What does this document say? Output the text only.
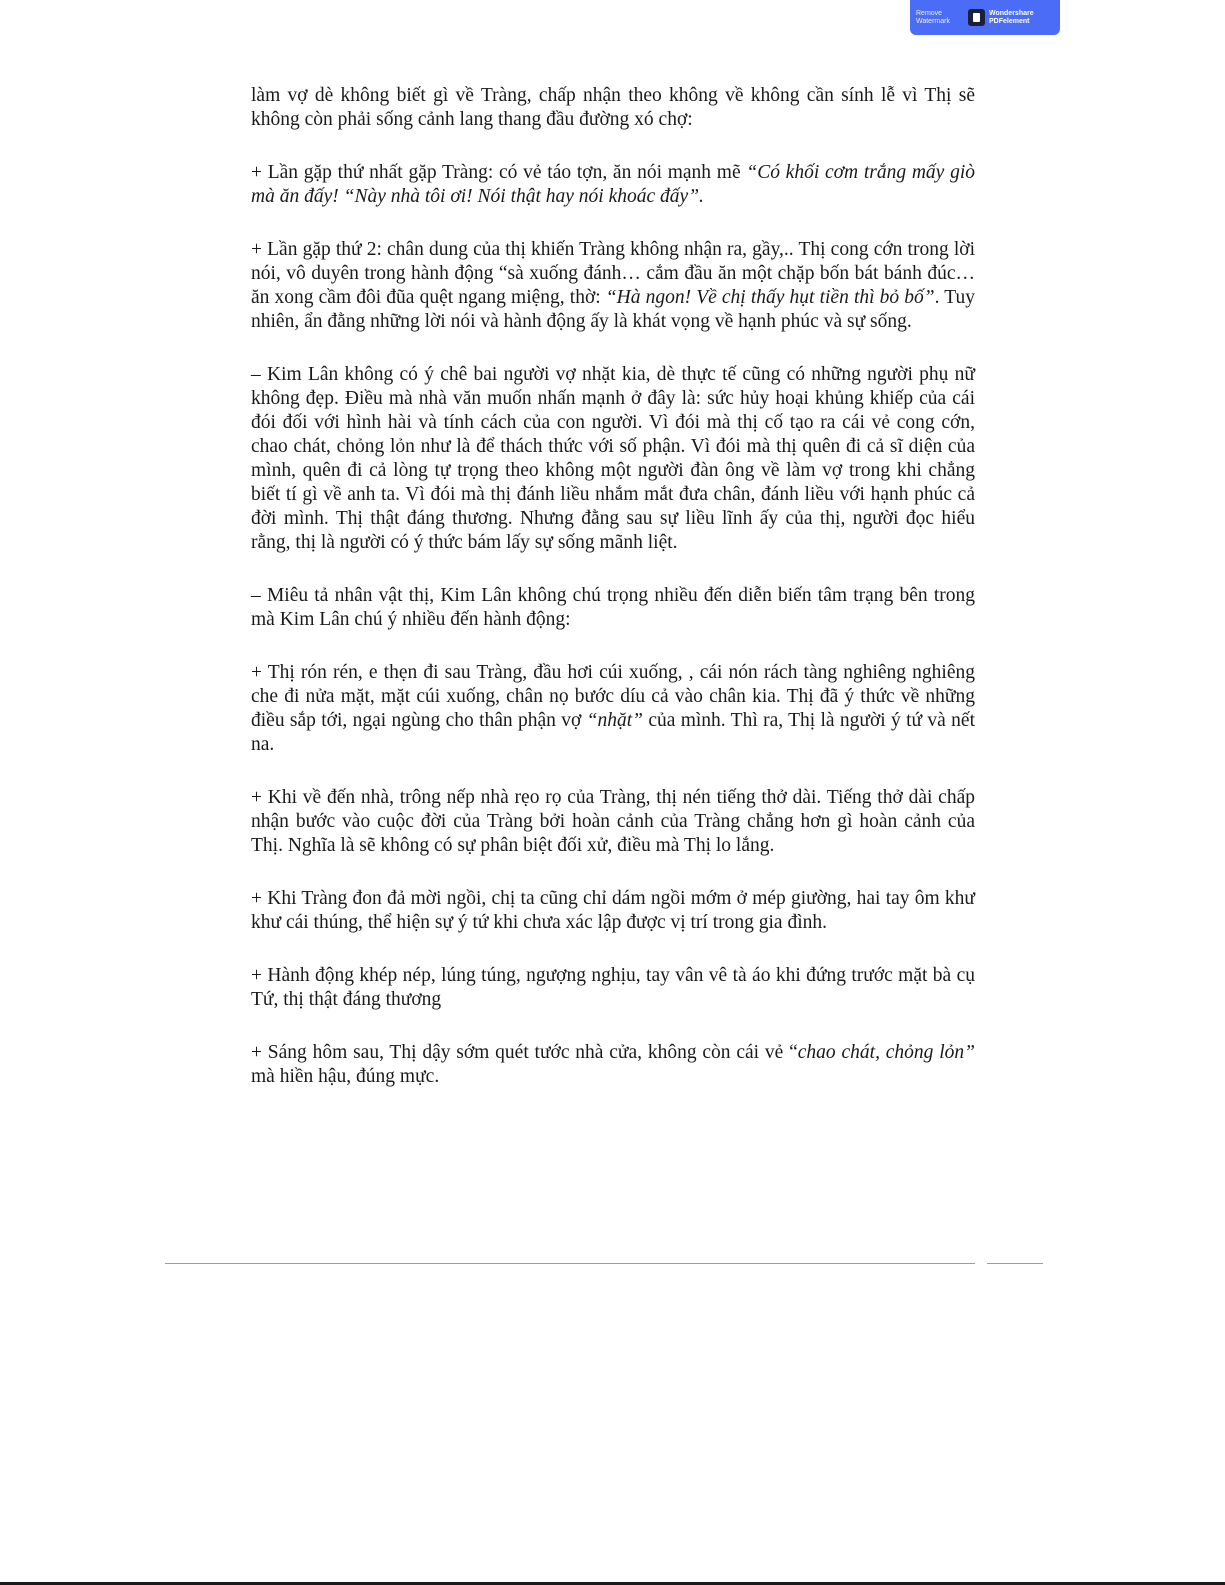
Remove
Watermark
Wondershare
PDFelement

làm vợ dè không biết gì về Tràng, chấp nhận theo không về không cần sính lễ vì Thị sẽ không còn phải sống cảnh lang thang đầu đường xó chợ:

+ Lần gặp thứ nhất gặp Tràng: có vẻ táo tợn, ăn nói mạnh mẽ “Có khối cơm trắng mấy giò mà ăn đấy! “Này nhà tôi ơi! Nói thật hay nói khoác đấy”.

+ Lần gặp thứ 2: chân dung của thị khiến Tràng không nhận ra, gầy,.. Thị cong cớn trong lời nói, vô duyên trong hành động “sà xuống đánh… cắm đầu ăn một chặp bốn bát bánh đúc… ăn xong cầm đôi đũa quệt ngang miệng, thờ: “Hà ngon! Về chị thấy hụt tiền thì bỏ bố”. Tuy nhiên, ẩn đằng những lời nói và hành động ấy là khát vọng về hạnh phúc và sự sống.

– Kim Lân không có ý chê bai người vợ nhặt kia, dè thực tế cũng có những người phụ nữ không đẹp. Điều mà nhà văn muốn nhấn mạnh ở đây là: sức hủy hoại khủng khiếp của cái đói đối với hình hài và tính cách của con người. Vì đói mà thị cố tạo ra cái vẻ cong cớn, chao chát, chỏng lỏn như là để thách thức với số phận. Vì đói mà thị quên đi cả sĩ diện của mình, quên đi cả lòng tự trọng theo không một người đàn ông về làm vợ trong khi chẳng biết tí gì về anh ta. Vì đói mà thị đánh liều nhắm mắt đưa chân, đánh liều với hạnh phúc cả đời mình. Thị thật đáng thương. Nhưng đằng sau sự liều lĩnh ấy của thị, người đọc hiểu rằng, thị là người có ý thức bám lấy sự sống mãnh liệt.

– Miêu tả nhân vật thị, Kim Lân không chú trọng nhiều đến diễn biến tâm trạng bên trong mà Kim Lân chú ý nhiều đến hành động:

+ Thị rón rén, e thẹn đi sau Tràng, đầu hơi cúi xuống, , cái nón rách tàng nghiêng nghiêng che đi nửa mặt, mặt cúi xuống, chân nọ bước díu cả vào chân kia. Thị đã ý thức về những điều sắp tới, ngại ngùng cho thân phận vợ “nhặt” của mình. Thì ra, Thị là người ý tứ và nết na.

+ Khi về đến nhà, trông nếp nhà rẹo rọ của Tràng, thị nén tiếng thở dài. Tiếng thở dài chấp nhận bước vào cuộc đời của Tràng bởi hoàn cảnh của Tràng chẳng hơn gì hoàn cảnh của Thị. Nghĩa là sẽ không có sự phân biệt đối xử, điều mà Thị lo lắng.

+ Khi Tràng đon đả mời ngồi, chị ta cũng chỉ dám ngồi mớm ở mép giường, hai tay ôm khư khư cái thúng, thể hiện sự ý tứ khi chưa xác lập được vị trí trong gia đình.

+ Hành động khép nép, lúng túng, ngượng nghịu, tay vân vê tà áo khi đứng trước mặt bà cụ Tứ, thị thật đáng thương

+ Sáng hôm sau, Thị dậy sớm quét tước nhà cửa, không còn cái vẻ “chao chát, chỏng lỏn” mà hiền hậu, đúng mực.
